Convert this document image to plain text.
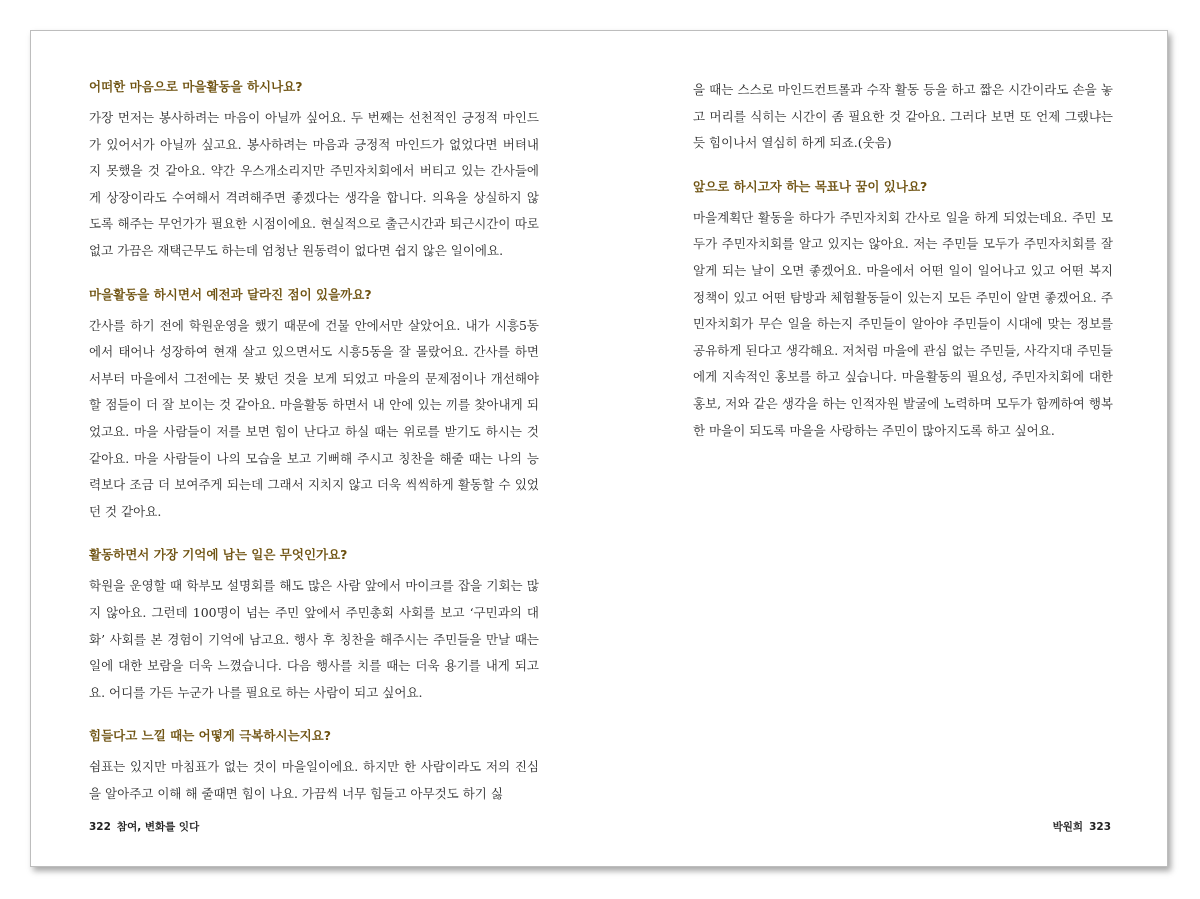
어떠한 마음으로 마을활동을 하시나요?

가장 먼저는 봉사하려는 마음이 아닐까 싶어요. 두 번째는 선천적인 긍정적 마인드가 있어서가 아닐까 싶고요. 봉사하려는 마음과 긍정적 마인드가 없었다면 버텨내지 못했을 것 같아요. 약간 우스개소리지만 주민자치회에서 버티고 있는 간사들에게 상장이라도 수여해서 격려해주면 좋겠다는 생각을 합니다. 의욕을 상실하지 않도록 해주는 무언가가 필요한 시점이에요. 현실적으로 출근시간과 퇴근시간이 따로 없고 가끔은 재택근무도 하는데 엄청난 원동력이 없다면 쉽지 않은 일이에요.

마을활동을 하시면서 예전과 달라진 점이 있을까요?

간사를 하기 전에 학원운영을 했기 때문에 건물 안에서만 살았어요. 내가 시흥5동에서 태어나 성장하여 현재 살고 있으면서도 시흥5동을 잘 몰랐어요. 간사를 하면서부터 마을에서 그전에는 못 봤던 것을 보게 되었고 마을의 문제점이나 개선해야 할 점들이 더 잘 보이는 것 같아요. 마을활동 하면서 내 안에 있는 끼를 찾아내게 되었고요. 마을 사람들이 저를 보면 힘이 난다고 하실 때는 위로를 받기도 하시는 것 같아요. 마을 사람들이 나의 모습을 보고 기뻐해 주시고 칭찬을 해줄 때는 나의 능력보다 조금 더 보여주게 되는데 그래서 지치지 않고 더욱 씩씩하게 활동할 수 있었던 것 같아요.

활동하면서 가장 기억에 남는 일은 무엇인가요?

학원을 운영할 때 학부모 설명회를 해도 많은 사람 앞에서 마이크를 잡을 기회는 많지 않아요. 그런데 100명이 넘는 주민 앞에서 주민총회 사회를 보고 ‘구민과의 대화’ 사회를 본 경험이 기억에 남고요. 행사 후 칭찬을 해주시는 주민들을 만날 때는 일에 대한 보람을 더욱 느꼈습니다. 다음 행사를 치를 때는 더욱 용기를 내게 되고요. 어디를 가든 누군가 나를 필요로 하는 사람이 되고 싶어요.

힘들다고 느낄 때는 어떻게 극복하시는지요?

쉼표는 있지만 마침표가 없는 것이 마을일이에요. 하지만 한 사람이라도 저의 진심을 알아주고 이해 해 줄때면 힘이 나요. 가끔씩 너무 힘들고 아무것도 하기 싫

322 참여, 변화를 잇다

을 때는 스스로 마인드컨트롤과 수작 활동 등을 하고 짧은 시간이라도 손을 놓고 머리를 식히는 시간이 좀 필요한 것 같아요. 그러다 보면 또 언제 그랬냐는 듯 힘이나서 열심히 하게 되죠.(웃음)

앞으로 하시고자 하는 목표나 꿈이 있나요?

마을계획단 활동을 하다가 주민자치회 간사로 일을 하게 되었는데요. 주민 모두가 주민자치회를 알고 있지는 않아요. 저는 주민들 모두가 주민자치회를 잘 알게 되는 날이 오면 좋겠어요. 마을에서 어떤 일이 일어나고 있고 어떤 복지 정책이 있고 어떤 탐방과 체험활동들이 있는지 모든 주민이 알면 좋겠어요. 주민자치회가 무슨 일을 하는지 주민들이 알아야 주민들이 시대에 맞는 정보를 공유하게 된다고 생각해요. 저처럼 마을에 관심 없는 주민들, 사각지대 주민들에게 지속적인 홍보를 하고 싶습니다. 마을활동의 필요성, 주민자치회에 대한 홍보, 저와 같은 생각을 하는 인적자원 발굴에 노력하며 모두가 함께하여 행복한 마을이 되도록 마을을 사랑하는 주민이 많아지도록 하고 싶어요.

박원희 323
